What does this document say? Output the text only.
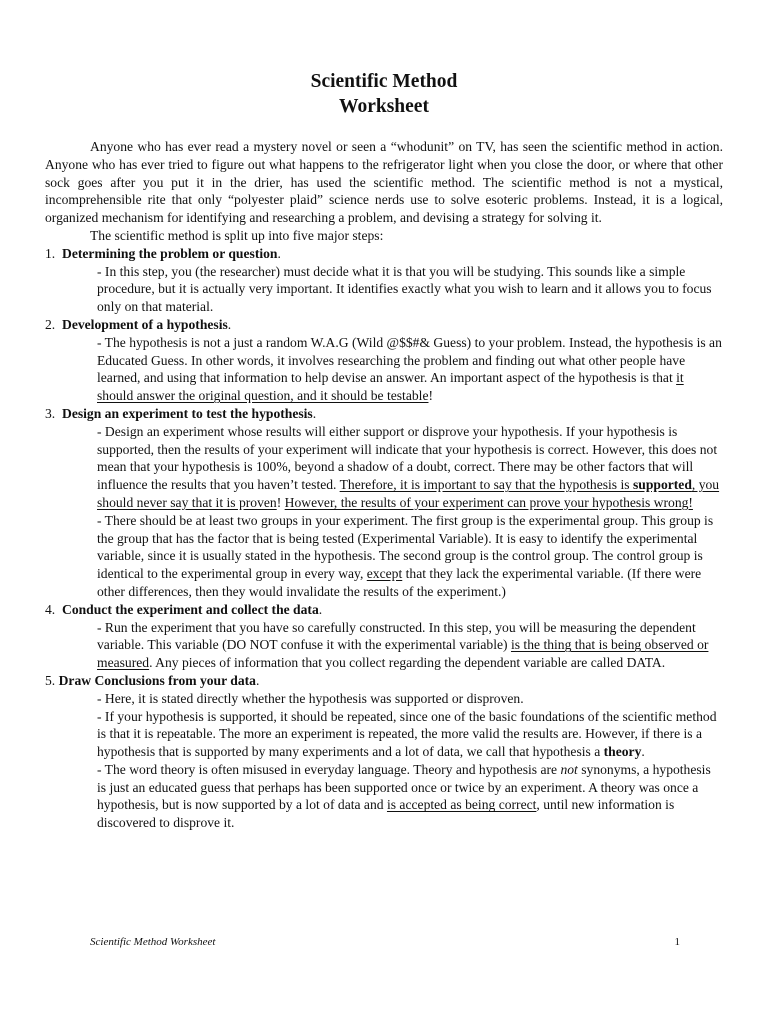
Scientific Method
Worksheet

Anyone who has ever read a mystery novel or seen a “whodunit” on TV, has seen the scientific method in action. Anyone who has ever tried to figure out what happens to the refrigerator light when you close the door, or where that other sock goes after you put it in the drier, has used the scientific method. The scientific method is not a mystical, incomprehensible rite that only “polyester plaid” science nerds use to solve esoteric problems. Instead, it is a logical, organized mechanism for identifying and researching a problem, and devising a strategy for solving it.

The scientific method is split up into five major steps:

1. Determining the problem or question.

- In this step, you (the researcher) must decide what it is that you will be studying. This sounds like a simple procedure, but it is actually very important. It identifies exactly what you wish to learn and it allows you to focus only on that material.

2. Development of a hypothesis.

- The hypothesis is not a just a random W.A.G (Wild @$$#& Guess) to your problem. Instead, the hypothesis is an Educated Guess. In other words, it involves researching the problem and finding out what other people have learned, and using that information to help devise an answer. An important aspect of the hypothesis is that it should answer the original question, and it should be testable!

3. Design an experiment to test the hypothesis.

- Design an experiment whose results will either support or disprove your hypothesis. If your hypothesis is supported, then the results of your experiment will indicate that your hypothesis is correct. However, this does not mean that your hypothesis is 100%, beyond a shadow of a doubt, correct. There may be other factors that will influence the results that you haven’t tested. Therefore, it is important to say that the hypothesis is supported, you should never say that it is proven! However, the results of your experiment can prove your hypothesis wrong!

- There should be at least two groups in your experiment. The first group is the experimental group. This group is the group that has the factor that is being tested (Experimental Variable). It is easy to identify the experimental variable, since it is usually stated in the hypothesis. The second group is the control group. The control group is identical to the experimental group in every way, except that they lack the experimental variable. (If there were other differences, then they would invalidate the results of the experiment.)

4. Conduct the experiment and collect the data.

- Run the experiment that you have so carefully constructed. In this step, you will be measuring the dependent variable. This variable (DO NOT confuse it with the experimental variable) is the thing that is being observed or measured. Any pieces of information that you collect regarding the dependent variable are called DATA.

5. Draw Conclusions from your data.

- Here, it is stated directly whether the hypothesis was supported or disproven.

- If your hypothesis is supported, it should be repeated, since one of the basic foundations of the scientific method is that it is repeatable. The more an experiment is repeated, the more valid the results are. However, if there is a hypothesis that is supported by many experiments and a lot of data, we call that hypothesis a theory.

- The word theory is often misused in everyday language. Theory and hypothesis are not synonyms, a hypothesis is just an educated guess that perhaps has been supported once or twice by an experiment. A theory was once a hypothesis, but is now supported by a lot of data and is accepted as being correct, until new information is discovered to disprove it.

Scientific Method Worksheet	1
